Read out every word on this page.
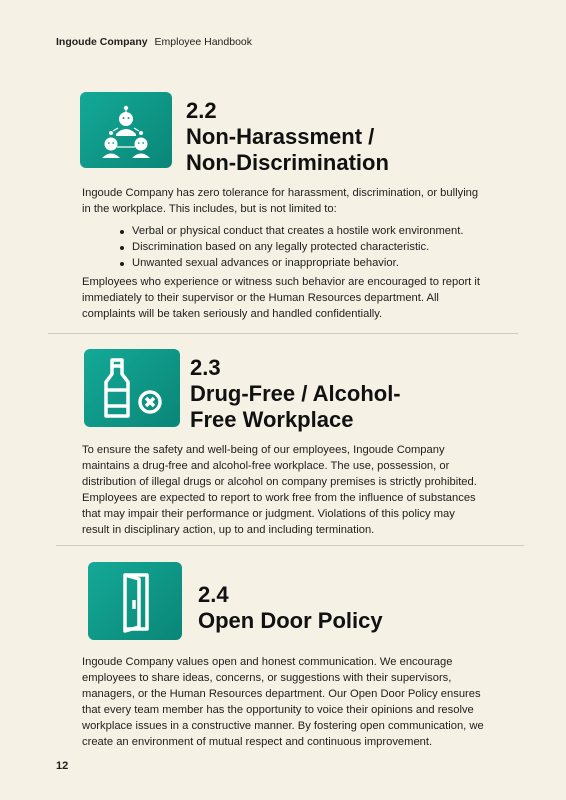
Ingoude Company Employee Handbook
2.2
Non-Harassment /
Non-Discrimination

Ingoude Company has zero tolerance for harassment, discrimination, or bullying in the workplace. This includes, but is not limited to:

Verbal or physical conduct that creates a hostile work environment.
Discrimination based on any legally protected characteristic.
Unwanted sexual advances or inappropriate behavior.

Employees who experience or witness such behavior are encouraged to report it immediately to their supervisor or the Human Resources department. All complaints will be taken seriously and handled confidentially.

2.3
Drug-Free / Alcohol-
Free Workplace

To ensure the safety and well-being of our employees, Ingoude Company maintains a drug-free and alcohol-free workplace. The use, possession, or distribution of illegal drugs or alcohol on company premises is strictly prohibited. Employees are expected to report to work free from the influence of substances that may impair their performance or judgment. Violations of this policy may result in disciplinary action, up to and including termination.

2.4
Open Door Policy

Ingoude Company values open and honest communication. We encourage employees to share ideas, concerns, or suggestions with their supervisors, managers, or the Human Resources department. Our Open Door Policy ensures that every team member has the opportunity to voice their opinions and resolve workplace issues in a constructive manner. By fostering open communication, we create an environment of mutual respect and continuous improvement.

12
